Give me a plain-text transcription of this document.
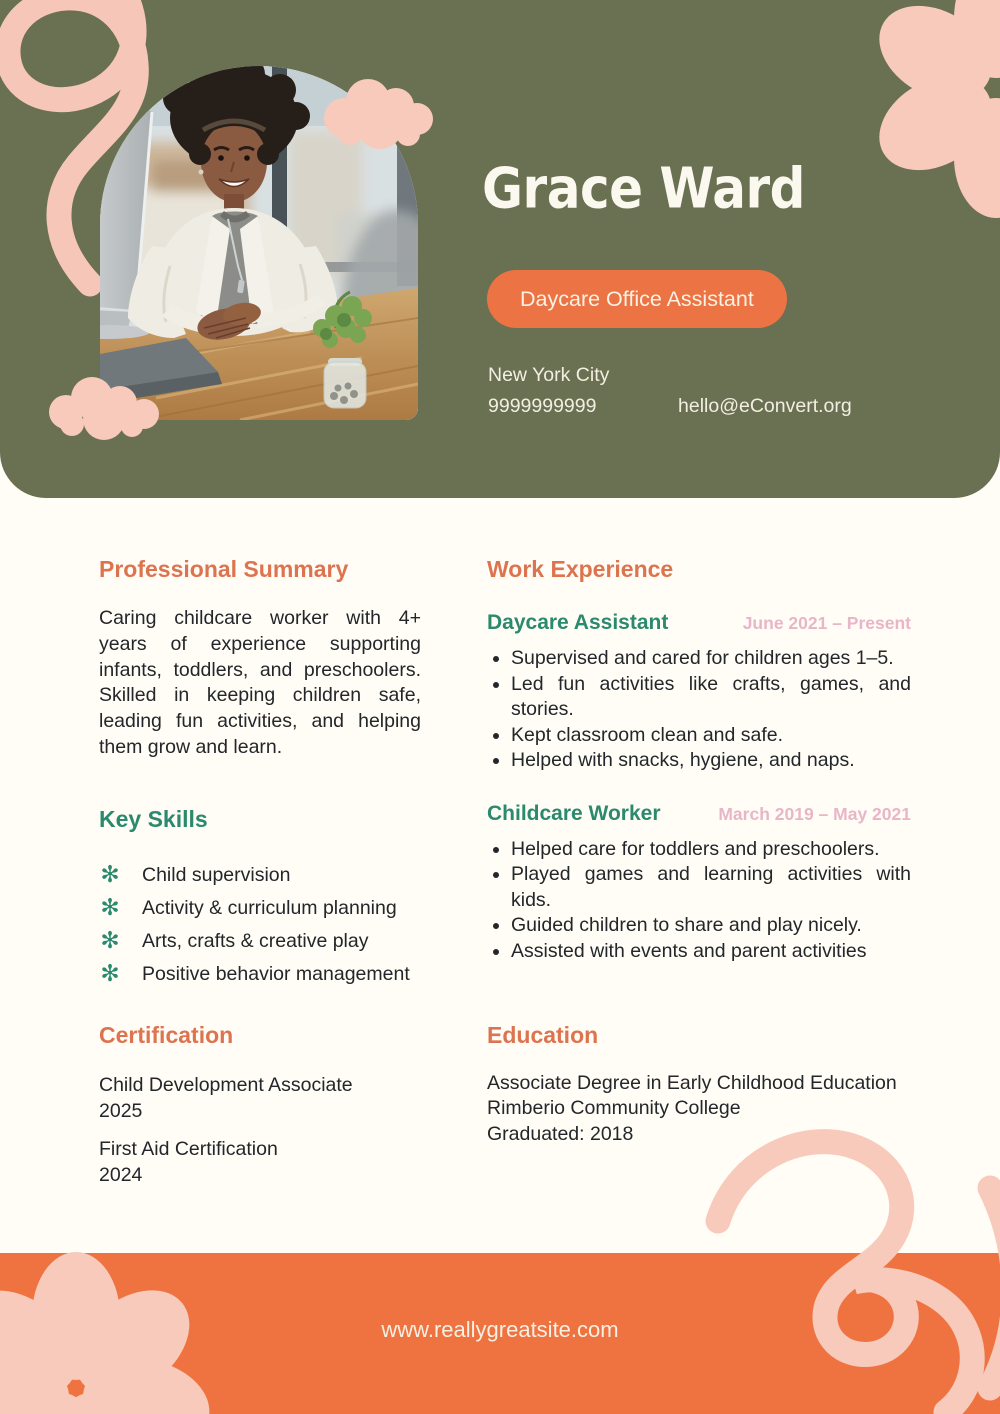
Grace Ward
Daycare Office Assistant
New York City
9999999999	hello@eConvert.org
Professional Summary

Caring childcare worker with 4+ years of experience supporting infants, toddlers, and preschoolers. Skilled in keeping children safe, leading fun activities, and helping them grow and learn.

Key Skills
✻ Child supervision
✻ Activity & curriculum planning
✻ Arts, crafts & creative play
✻ Positive behavior management
Certification
Child Development Associate
2025
First Aid Certification
2024
Work Experience
Daycare Assistant	June 2021 – Present
• Supervised and cared for children ages 1–5.
• Led fun activities like crafts, games, and stories.
• Kept classroom clean and safe.
• Helped with snacks, hygiene, and naps.
Childcare Worker	March 2019 – May 2021
• Helped care for toddlers and preschoolers.
• Played games and learning activities with kids.
• Guided children to share and play nicely.
• Assisted with events and parent activities
Education

Associate Degree in Early Childhood Education

Rimberio Community College

Graduated: 2018

www.reallygreatsite.com
